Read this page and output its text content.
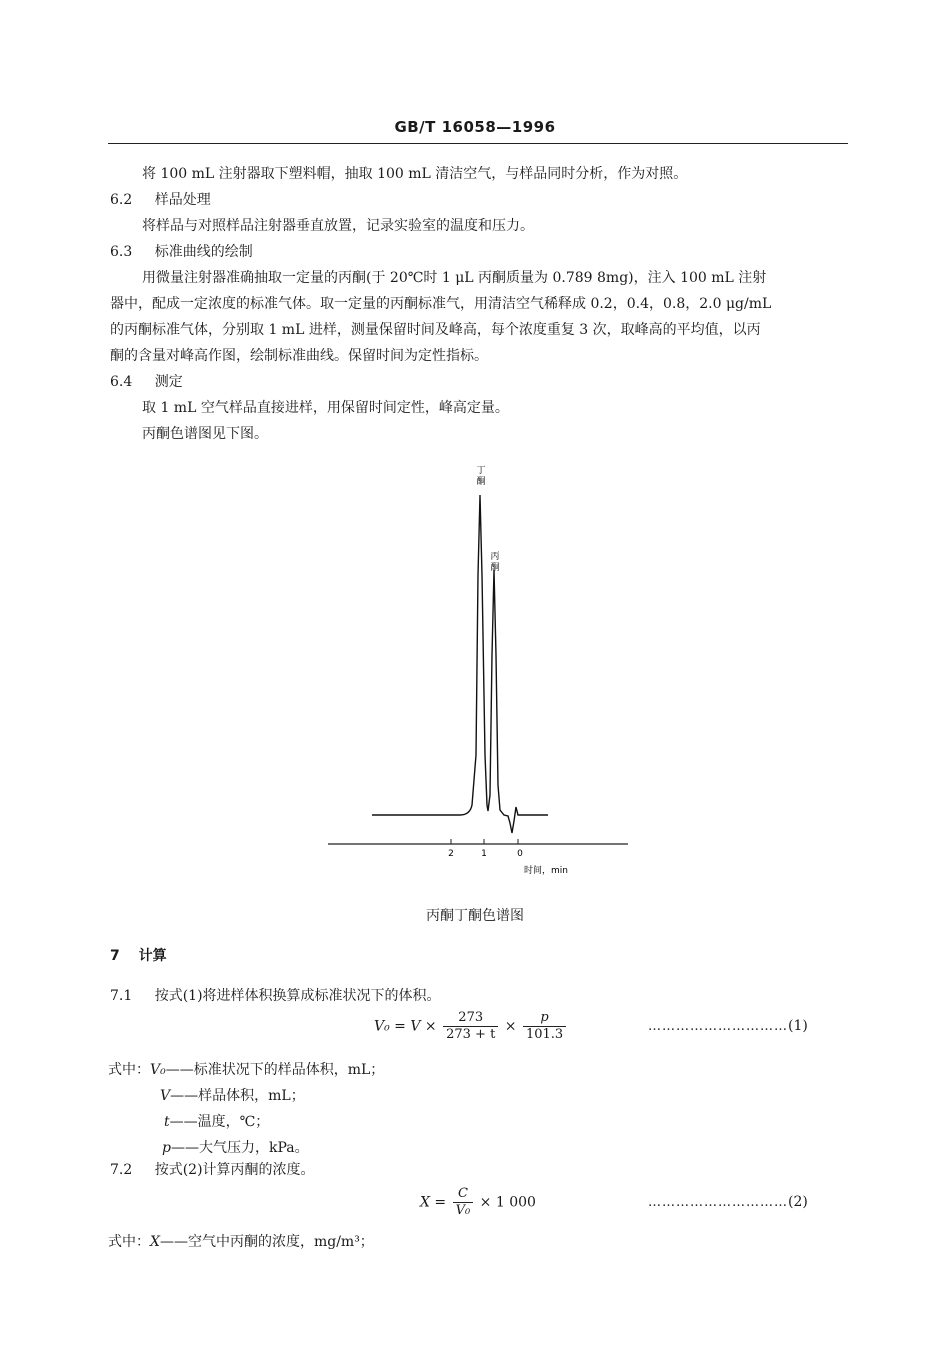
GB/T 16058—1996
将 100 mL 注射器取下塑料帽，抽取 100 mL 清洁空气，与样品同时分析，作为对照。
6.2 样品处理
将样品与对照样品注射器垂直放置，记录实验室的温度和压力。
6.3 标准曲线的绘制
用微量注射器准确抽取一定量的丙酮(于 20℃时 1 μL 丙酮质量为 0.789 8mg)，注入 100 mL 注射
器中，配成一定浓度的标准气体。取一定量的丙酮标准气，用清洁空气稀释成 0.2，0.4，0.8，2.0 μg/mL
的丙酮标准气体，分别取 1 mL 进样，测量保留时间及峰高，每个浓度重复 3 次，取峰高的平均值，以丙
酮的含量对峰高作图，绘制标准曲线。保留时间为定性指标。
6.4 测定
取 1 mL 空气样品直接进样，用保留时间定性，峰高定量。
丙酮色谱图见下图。
2	1	0
时间，min
丁
酮
丙
酮
丙酮丁酮色谱图
7 计算
7.1 按式(1)将进样体积换算成标准状况下的体积。
$V_0 = V \times \frac{273}{273 + t} \times \frac{p}{101.3}$	…………………………(1)
式中：V₀——标准状况下的样品体积，mL；
V——样品体积，mL；
t——温度，℃；
p——大气压力，kPa。
7.2 按式(2)计算丙酮的浓度。
$X = \frac{C}{\text{V₀}} \times 1$ 000	…………………………(2)
式中：X——空气中丙酮的浓度，mg/m³；
